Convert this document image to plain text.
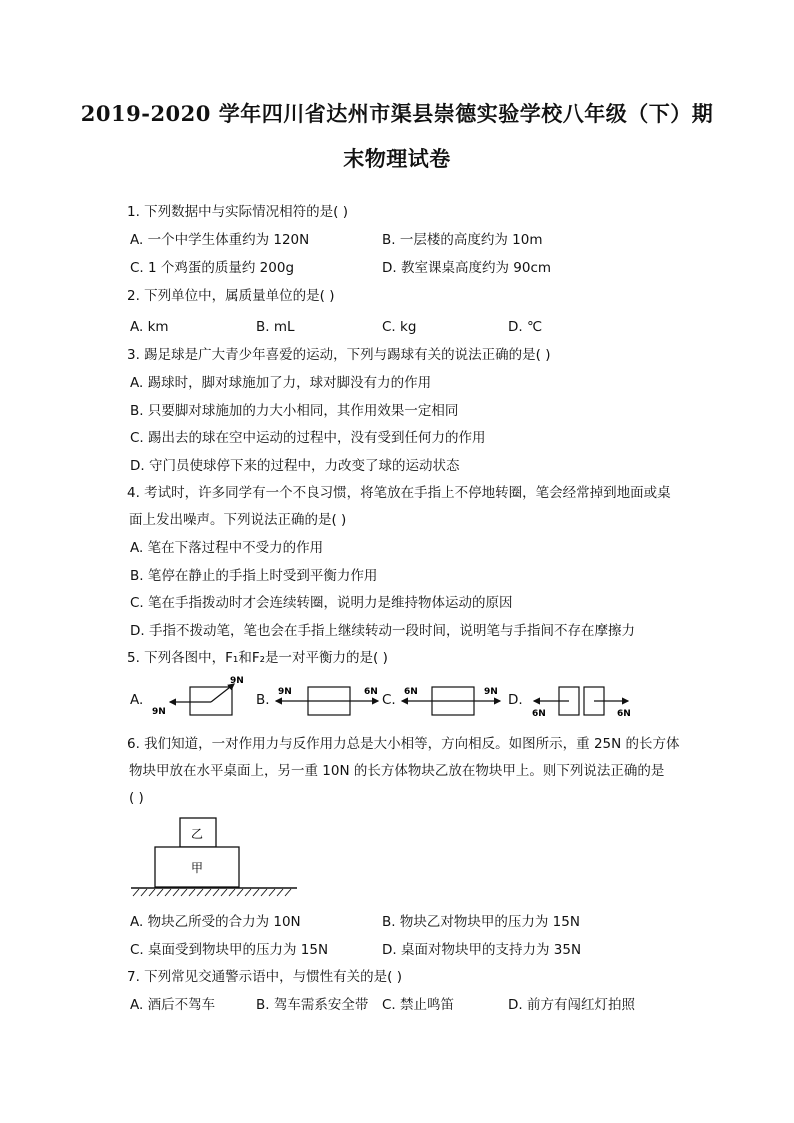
2019-2020 学年四川省达州市渠县崇德实验学校八年级（下）期
末物理试卷
1. 下列数据中与实际情况相符的是( )
A. 一个中学生体重约为 120N	B. 一层楼的高度约为 10m
C. 1 个鸡蛋的质量约 200g	D. 教室课桌高度约为 90cm
2. 下列单位中，属质量单位的是( )
A. km	B. mL	C. kg	D. ℃
3. 踢足球是广大青少年喜爱的运动，下列与踢球有关的说法正确的是( )
A. 踢球时，脚对球施加了力，球对脚没有力的作用
B. 只要脚对球施加的力大小相同，其作用效果一定相同
C. 踢出去的球在空中运动的过程中，没有受到任何力的作用
D. 守门员使球停下来的过程中，力改变了球的运动状态
4. 考试时，许多同学有一个不良习惯，将笔放在手指上不停地转圈，笔会经常掉到地面或桌
面上发出噪声。下列说法正确的是( )
A. 笔在下落过程中不受力的作用
B. 笔停在静止的手指上时受到平衡力作用
C. 笔在手指拨动时才会连续转圈，说明力是维持物体运动的原因
D. 手指不拨动笔，笔也会在手指上继续转动一段时间，说明笔与手指间不存在摩擦力
5. 下列各图中，F₁和F₂是一对平衡力的是( )
A.	B.	C.	D.
9N
9N
9N	6N	6N	9N
6N	6N
6. 我们知道，一对作用力与反作用力总是大小相等，方向相反。如图所示，重 25N 的长方体
物块甲放在水平桌面上，另一重 10N 的长方体物块乙放在物块甲上。则下列说法正确的是
( )
乙
甲
A. 物块乙所受的合力为 10N	B. 物块乙对物块甲的压力为 15N
C. 桌面受到物块甲的压力为 15N	D. 桌面对物块甲的支持力为 35N
7. 下列常见交通警示语中，与惯性有关的是( )
A. 酒后不驾车	B. 驾车需系安全带 C. 禁止鸣笛	D. 前方有闯红灯拍照
